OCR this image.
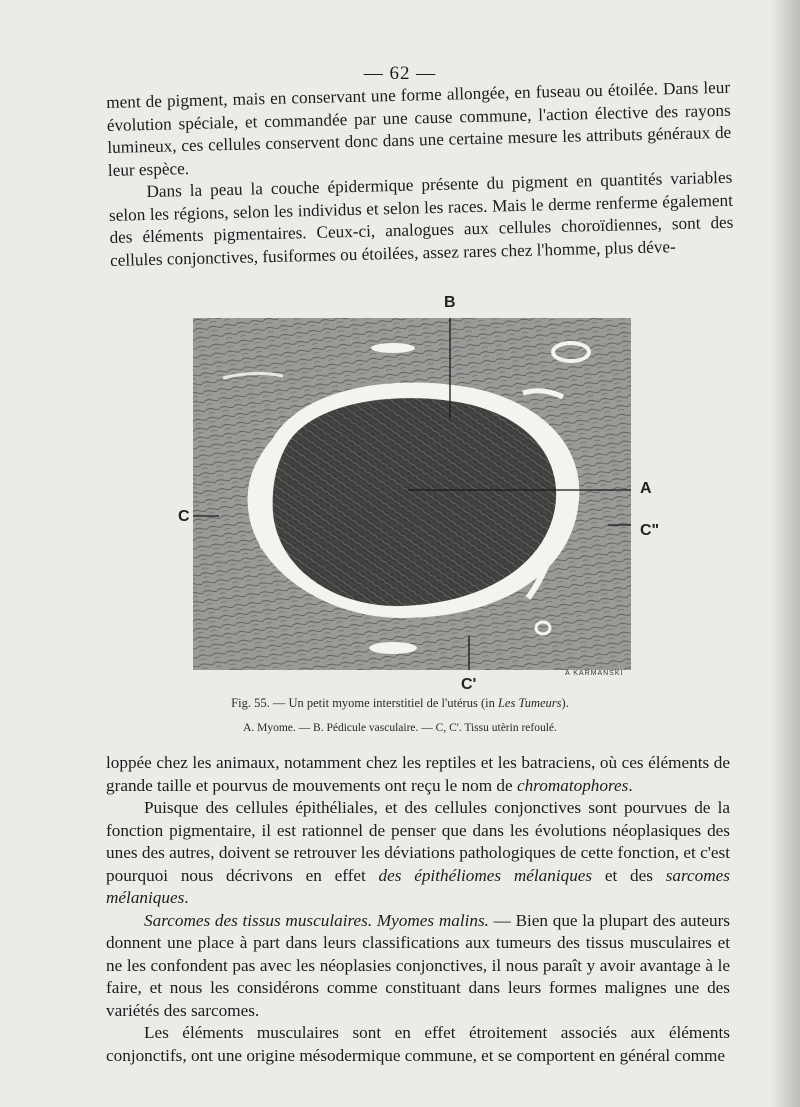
— 62 —

ment de pigment, mais en conservant une forme allongée, en fuseau ou étoilée. Dans leur évolution spéciale, et commandée par une cause commune, l'action élective des rayons lumineux, ces cellules conservent donc dans une certaine mesure les attributs généraux de leur espèce.

Dans la peau la couche épidermique présente du pigment en quantités variables selon les régions, selon les individus et selon les races. Mais le derme renferme également des éléments pigmentaires. Ceux-ci, analogues aux cellules choroïdiennes, sont des cellules conjonctives, fusiformes ou étoilées, assez rares chez l'homme, plus déve-

B
A
C
C"
C'
A KARMANSKI
Fig. 55. — Un petit myome interstitiel de l'utérus (in Les Tumeurs).
A. Myome. — B. Pédicule vasculaire. — C, C'. Tissu utèrin refoulé.

loppée chez les animaux, notamment chez les reptiles et les batraciens, où ces éléments de grande taille et pourvus de mouvements ont reçu le nom de chromatophores.

Puisque des cellules épithéliales, et des cellules conjonctives sont pourvues de la fonction pigmentaire, il est rationnel de penser que dans les évolutions néoplasiques des unes des autres, doivent se retrouver les déviations pathologiques de cette fonction, et c'est pourquoi nous décrivons en effet des épithéliomes mélaniques et des sarcomes mélaniques.

Sarcomes des tissus musculaires. Myomes malins. — Bien que la plupart des auteurs donnent une place à part dans leurs classifications aux tumeurs des tissus musculaires et ne les confondent pas avec les néoplasies conjonctives, il nous paraît y avoir avantage à le faire, et nous les considérons comme constituant dans leurs formes malignes une des variétés des sarcomes.

Les éléments musculaires sont en effet étroitement associés aux éléments conjonctifs, ont une origine mésodermique commune, et se comportent en général comme
